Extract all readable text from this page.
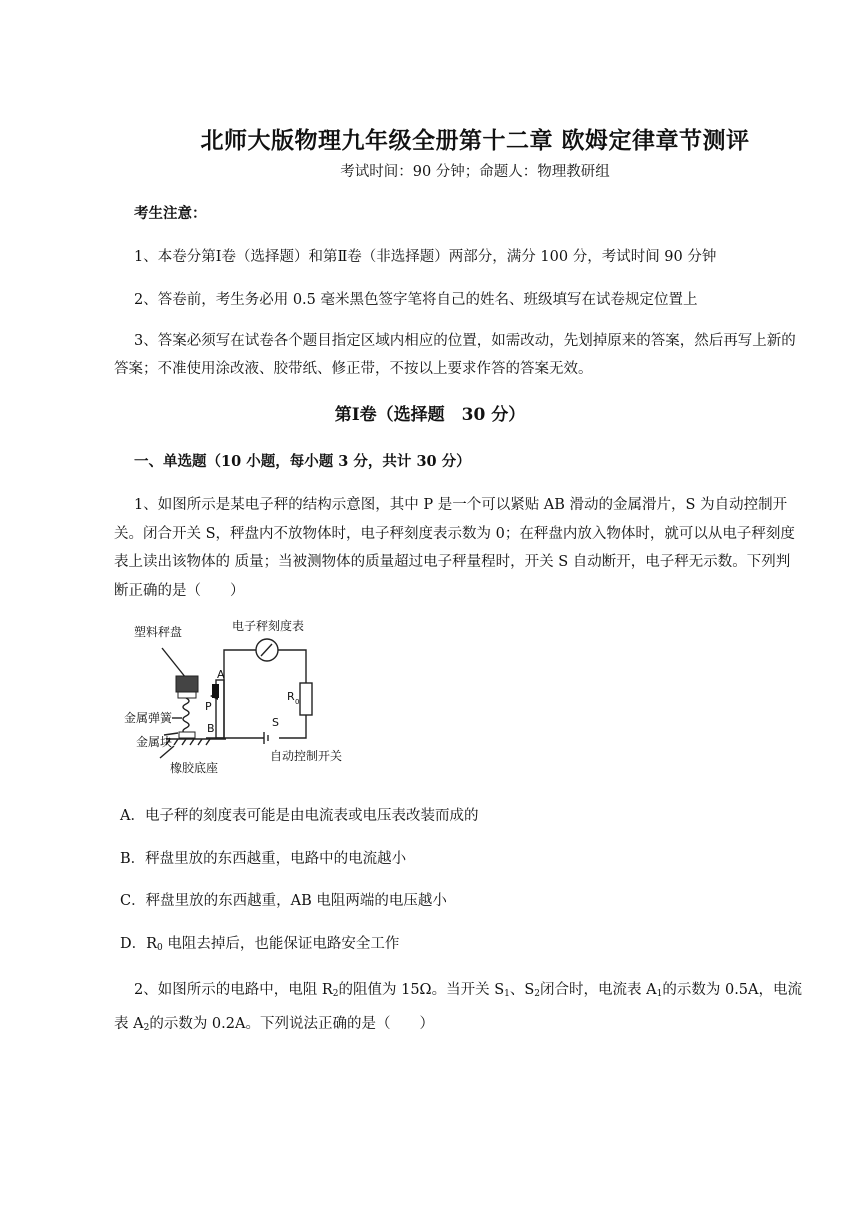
北师大版物理九年级全册第十二章 欧姆定律章节测评
考试时间：90 分钟；命题人：物理教研组
考生注意：
1、本卷分第Ⅰ卷（选择题）和第Ⅱ卷（非选择题）两部分，满分 100 分，考试时间 90 分钟
2、答卷前，考生务必用 0.5 毫米黑色签字笔将自己的姓名、班级填写在试卷规定位置上
3、答案必须写在试卷各个题目指定区域内相应的位置，如需改动，先划掉原来的答案，然后再写上新的答案；不准使用涂改液、胶带纸、修正带，不按以上要求作答的答案无效。
第Ⅰ卷（选择题　30 分）
一、单选题（10 小题，每小题 3 分，共计 30 分）
1、如图所示是某电子秤的结构示意图，其中 P 是一个可以紧贴 AB 滑动的金属滑片，S 为自动控制开关。闭合开关 S，秤盘内不放物体时，电子秤刻度表示数为 0；在秤盘内放入物体时，就可以从电子秤刻度表上读出该物体的 质量；当被测物体的质量超过电子秤量程时，开关 S 自动断开，电子秤无示数。下列判断正确的是（　　）
塑料秤盘	电子秤刻度表
金属弹簧
金属块
橡胶底座
自动控制开关
A
P
B	S
R 0
A．电子秤的刻度表可能是由电流表或电压表改装而成的
B．秤盘里放的东西越重，电路中的电流越小
C．秤盘里放的东西越重，AB 电阻两端的电压越小
D．$R_0$ 电阻去掉后，也能保证电路安全工作
2、如图所示的电路中，电阻 $R_2$的阻值为 15Ω。当开关 $S_1$、$S_2$闭合时，电流表 $A_1$的示数为 0.5A，电流表 $A_2$的示数为 0.2A。下列说法正确的是（　　）
